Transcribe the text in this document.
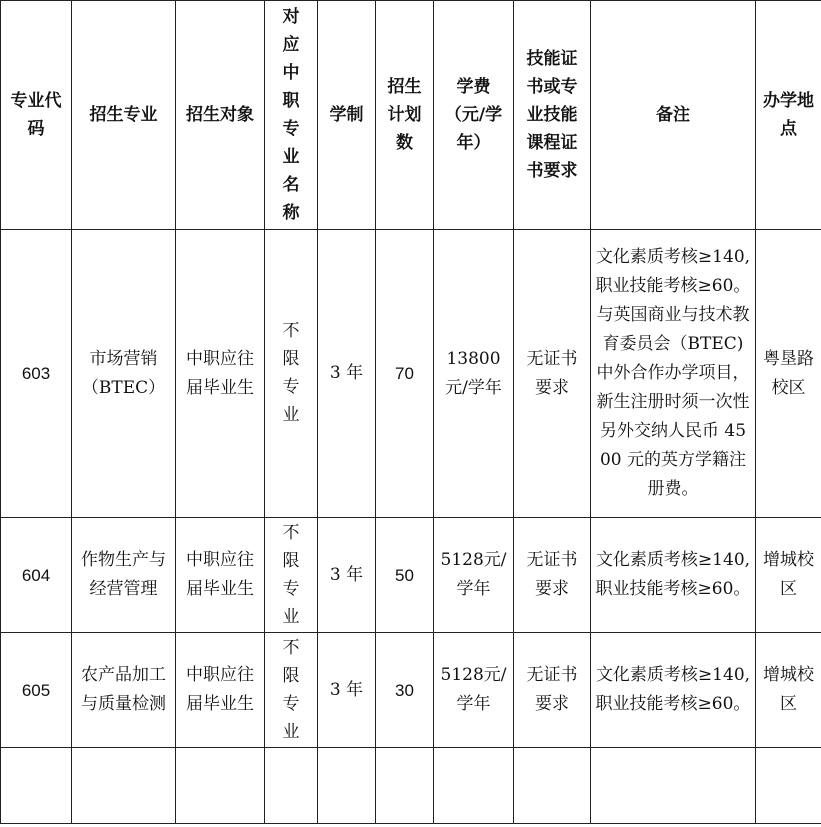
专业代码	招生专业	招生对象	对应中职专业名称	学制	招生计划数	学费（元/学年）	技能证书或专业技能课程证书要求	备注	办学地点
603	市场营销（BTEC）	中职应往届毕业生	不限专业	3 年	70	13800元/学年	无证书要求	文化素质考核≥140,职业技能考核≥60。与英国商业与技术教育委员会（BTEC)中外合作办学项目，新生注册时须一次性另外交纳人民币 4500 元的英方学籍注册费。	粤垦路校区
604	作物生产与经营管理	中职应往届毕业生	不限专业	3 年	50	5128元/学年	无证书要求	文化素质考核≥140,职业技能考核≥60。	增城校区
605	农产品加工与质量检测	中职应往届毕业生	不限专业	3 年	30	5128元/学年	无证书要求	文化素质考核≥140,职业技能考核≥60。	增城校区
